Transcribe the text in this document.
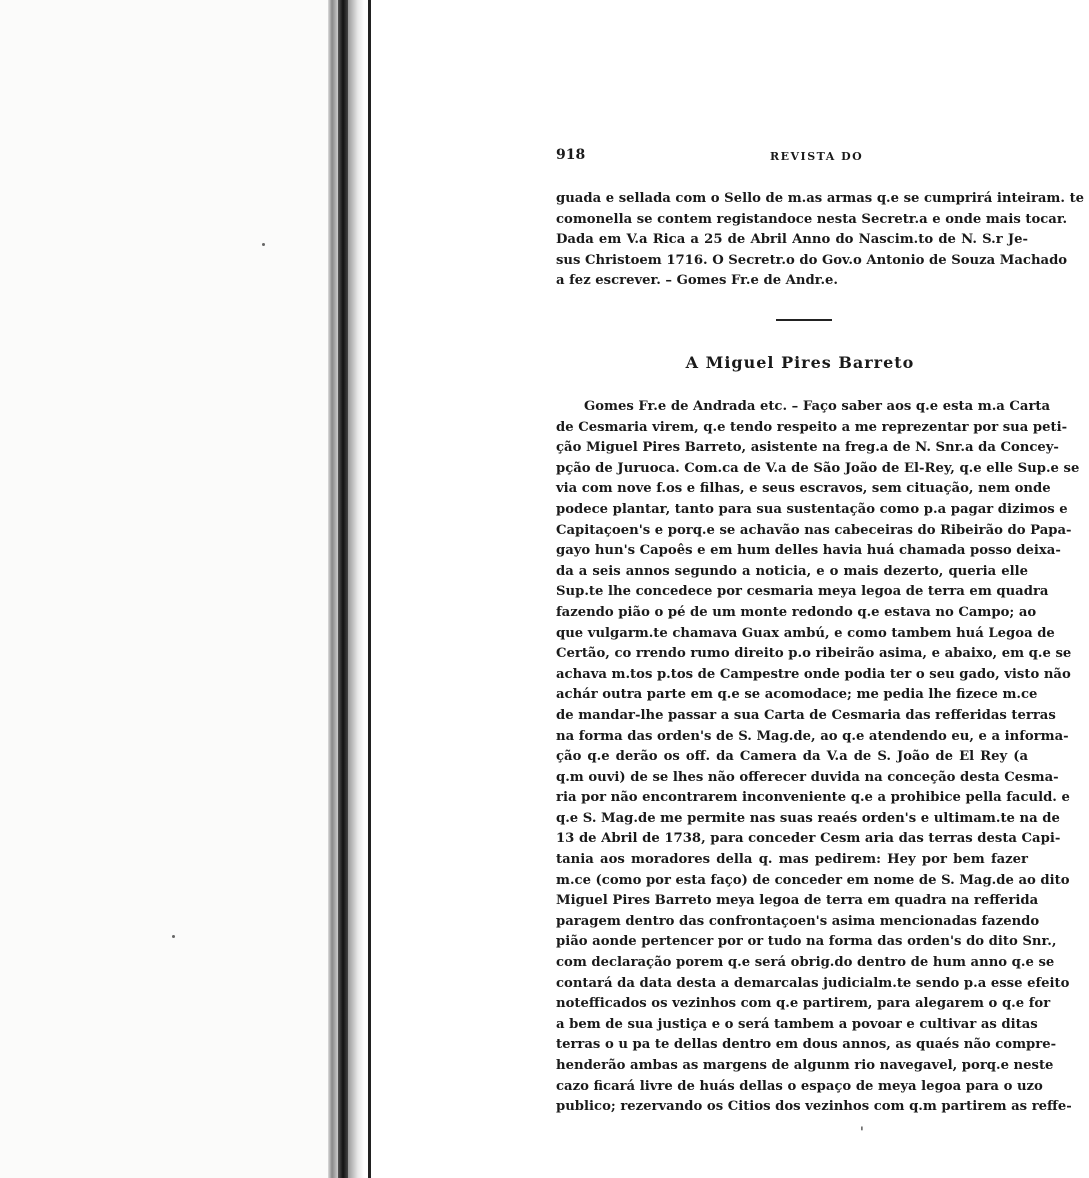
918	REVISTA DO
guada e sellada com o Sello de m.as armas q.e se cumprirá inteiram. te
comonella se contem registandoce nesta Secretr.a e onde mais tocar.
Dada em V.a Rica a 25 de Abril Anno do Nascim.to de N. S.r Je-
sus Christoem 1716. O Secretr.o do Gov.o Antonio de Souza Machado
a fez escrever. – Gomes Fr.e de Andr.e.
A Miguel Pires Barreto
Gomes Fr.e de Andrada etc. – Faço saber aos q.e esta m.a Carta
de Cesmaria virem, q.e tendo respeito a me reprezentar por sua peti-
ção Miguel Pires Barreto, asistente na freg.a de N. Snr.a da Concey-
pção de Juruoca. Com.ca de V.a de São João de El-Rey, q.e elle Sup.e se
via com nove f.os e filhas, e seus escravos, sem cituação, nem onde
podece plantar, tanto para sua sustentação como p.a pagar dizimos e
Capitaçoen's e porq.e se achavão nas cabeceiras do Ribeirão do Papa-
gayo hun's Capoês e em hum delles havia huá chamada posso deixa-
da a seis annos segundo a noticia, e o mais dezerto, queria elle
Sup.te lhe concedece por cesmaria meya legoa de terra em quadra
fazendo pião o pé de um monte redondo q.e estava no Campo; ao
que vulgarm.te chamava Guax ambú, e como tambem huá Legoa de
Certão, co rrendo rumo direito p.o ribeirão asima, e abaixo, em q.e se
achava m.tos p.tos de Campestre onde podia ter o seu gado, visto não
achár outra parte em q.e se acomodace; me pedia lhe fizece m.ce
de mandar-lhe passar a sua Carta de Cesmaria das refferidas terras
na forma das orden's de S. Mag.de, ao q.e atendendo eu, e a informa-
ção q.e derão os off. da Camera da V.a de S. João de El Rey (a
q.m ouvi) de se lhes não offerecer duvida na conceção desta Cesma-
ria por não encontrarem inconveniente q.e a prohibice pella faculd. e
q.e S. Mag.de me permite nas suas reaés orden's e ultimam.te na de
13 de Abril de 1738, para conceder Cesm aria das terras desta Capi-
tania aos moradores della q. mas pedirem: Hey por bem fazer
m.ce (como por esta faço) de conceder em nome de S. Mag.de ao dito
Miguel Pires Barreto meya legoa de terra em quadra na refferida
paragem dentro das confrontaçoen's asima mencionadas fazendo
pião aonde pertencer por or tudo na forma das orden's do dito Snr.,
com declaração porem q.e será obrig.do dentro de hum anno q.e se
contará da data desta a demarcalas judicialm.te sendo p.a esse efeito
notefficados os vezinhos com q.e partirem, para alegarem o q.e for
a bem de sua justiça e o será tambem a povoar e cultivar as ditas
terras o u pa te dellas dentro em dous annos, as quaés não compre-
henderão ambas as margens de algunm rio navegavel, porq.e neste
cazo ficará livre de huás dellas o espaço de meya legoa para o uzo
publico; rezervando os Citios dos vezinhos com q.m partirem as reffe-
'
